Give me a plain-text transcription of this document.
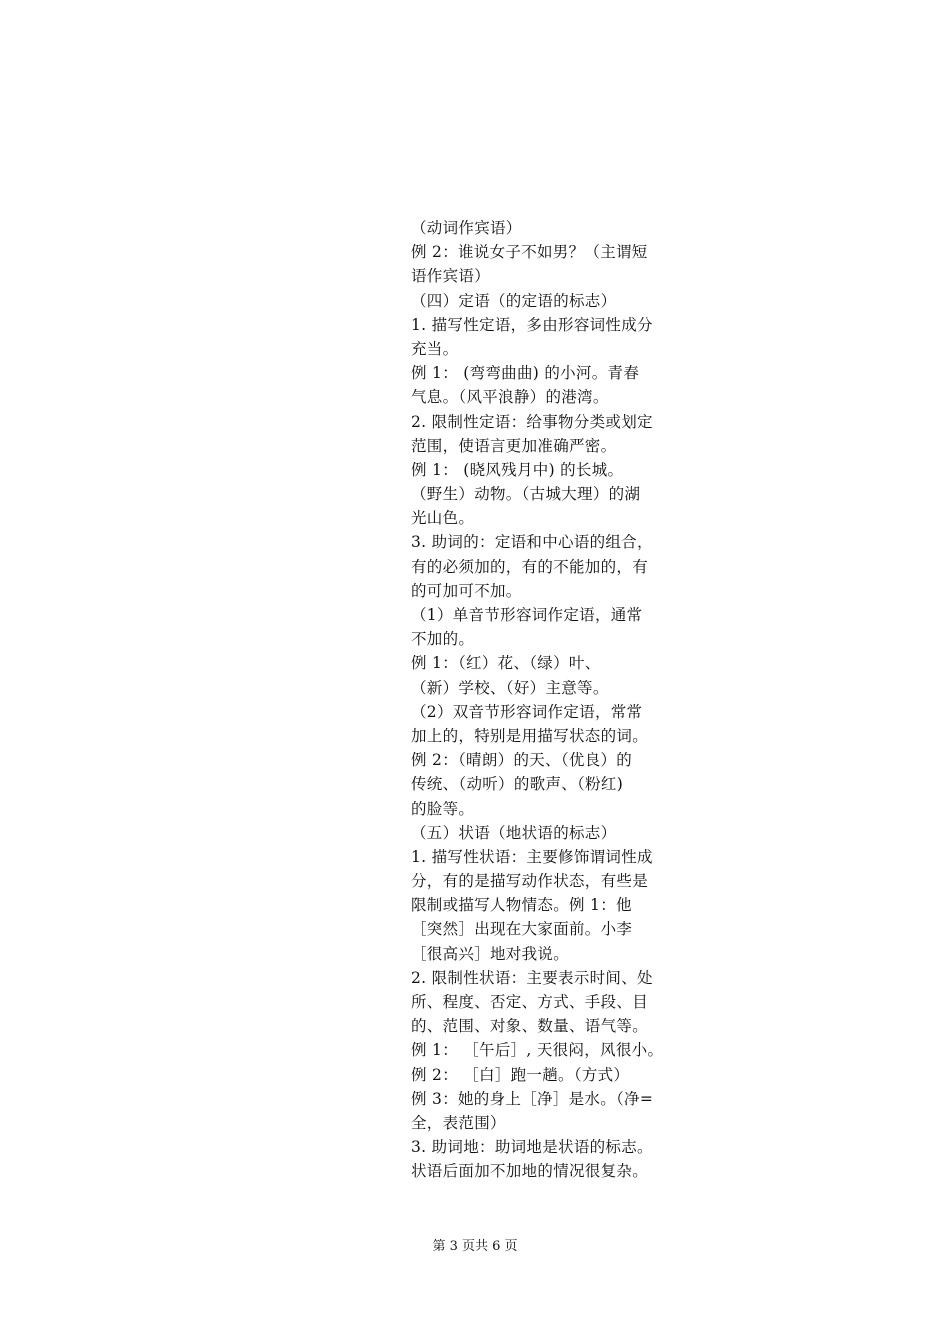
（动词作宾语）
例 2：谁说女子不如男？（主谓短
语作宾语）
（四）定语（的定语的标志）
1. 描写性定语，多由形容词性成分
充当。
例 1： (弯弯曲曲) 的小河。青春
气息。（风平浪静）的港湾。
2. 限制性定语：给事物分类或划定
范围，使语言更加准确严密。
例 1： (晓风残月中) 的长城。
（野生）动物。（古城大理）的湖
光山色。
3. 助词的：定语和中心语的组合，
有的必须加的，有的不能加的，有
的可加可不加。
（1）单音节形容词作定语，通常
不加的。
例 1：（红）花、（绿）叶、
（新）学校、（好）主意等。
（2）双音节形容词作定语，常常
加上的，特别是用描写状态的词。
例 2：（晴朗）的天、（优良）的
传统、（动听）的歌声、（粉红)
的脸等。
（五）状语（地状语的标志）
1. 描写性状语：主要修饰谓词性成
分，有的是描写动作状态，有些是
限制或描写人物情态。例 1：他
［突然］出现在大家面前。小李
［很高兴］地对我说。
2. 限制性状语：主要表示时间、处
所、程度、否定、方式、手段、目
的、范围、对象、数量、语气等。
例 1： ［午后］, 天很闷，风很小。
例 2： ［白］跑一趟。（方式）
例 3：她的身上［净］是水。（净=
全，表范围）
3. 助词地：助词地是状语的标志。
状语后面加不加地的情况很复杂。
第 3 页共 6 页
